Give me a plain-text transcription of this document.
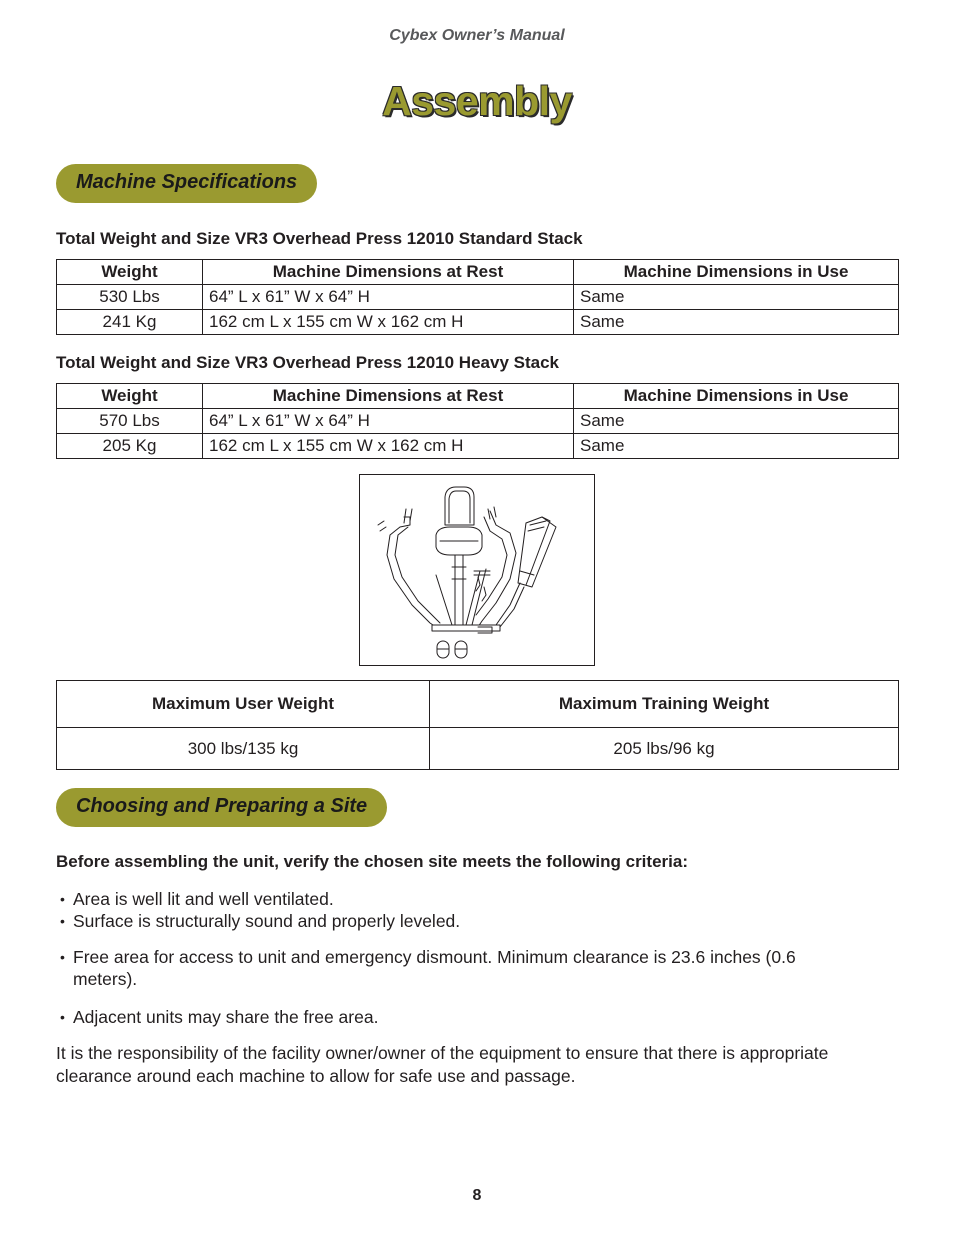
Cybex Owner’s Manual
Assembly
Machine Specifications
Total Weight and Size VR3 Overhead Press 12010 Standard Stack
Weight	Machine Dimensions at Rest	Machine Dimensions in Use
530 Lbs	64” L x 61” W x 64” H	Same
241 Kg	162 cm L x 155 cm W x 162 cm H	Same
Total Weight and Size VR3 Overhead Press 12010 Heavy Stack
Weight	Machine Dimensions at Rest	Machine Dimensions in Use
570 Lbs	64” L x 61” W x 64” H	Same
205 Kg	162 cm L x 155 cm W x 162 cm H	Same
Maximum User Weight	Maximum Training Weight
300 lbs/135 kg	205 lbs/96 kg
Choosing and Preparing a Site
Before assembling the unit, verify the chosen site meets the following criteria:
• Area is well lit and well ventilated.
• Surface is structurally sound and properly leveled.
• Free area for access to unit and emergency dismount. Minimum clearance is 23.6 inches (0.6 meters).
• Adjacent units may share the free area.
It is the responsibility of the facility owner/owner of the equipment to ensure that there is appropriate clearance around each machine to allow for safe use and passage.
8
